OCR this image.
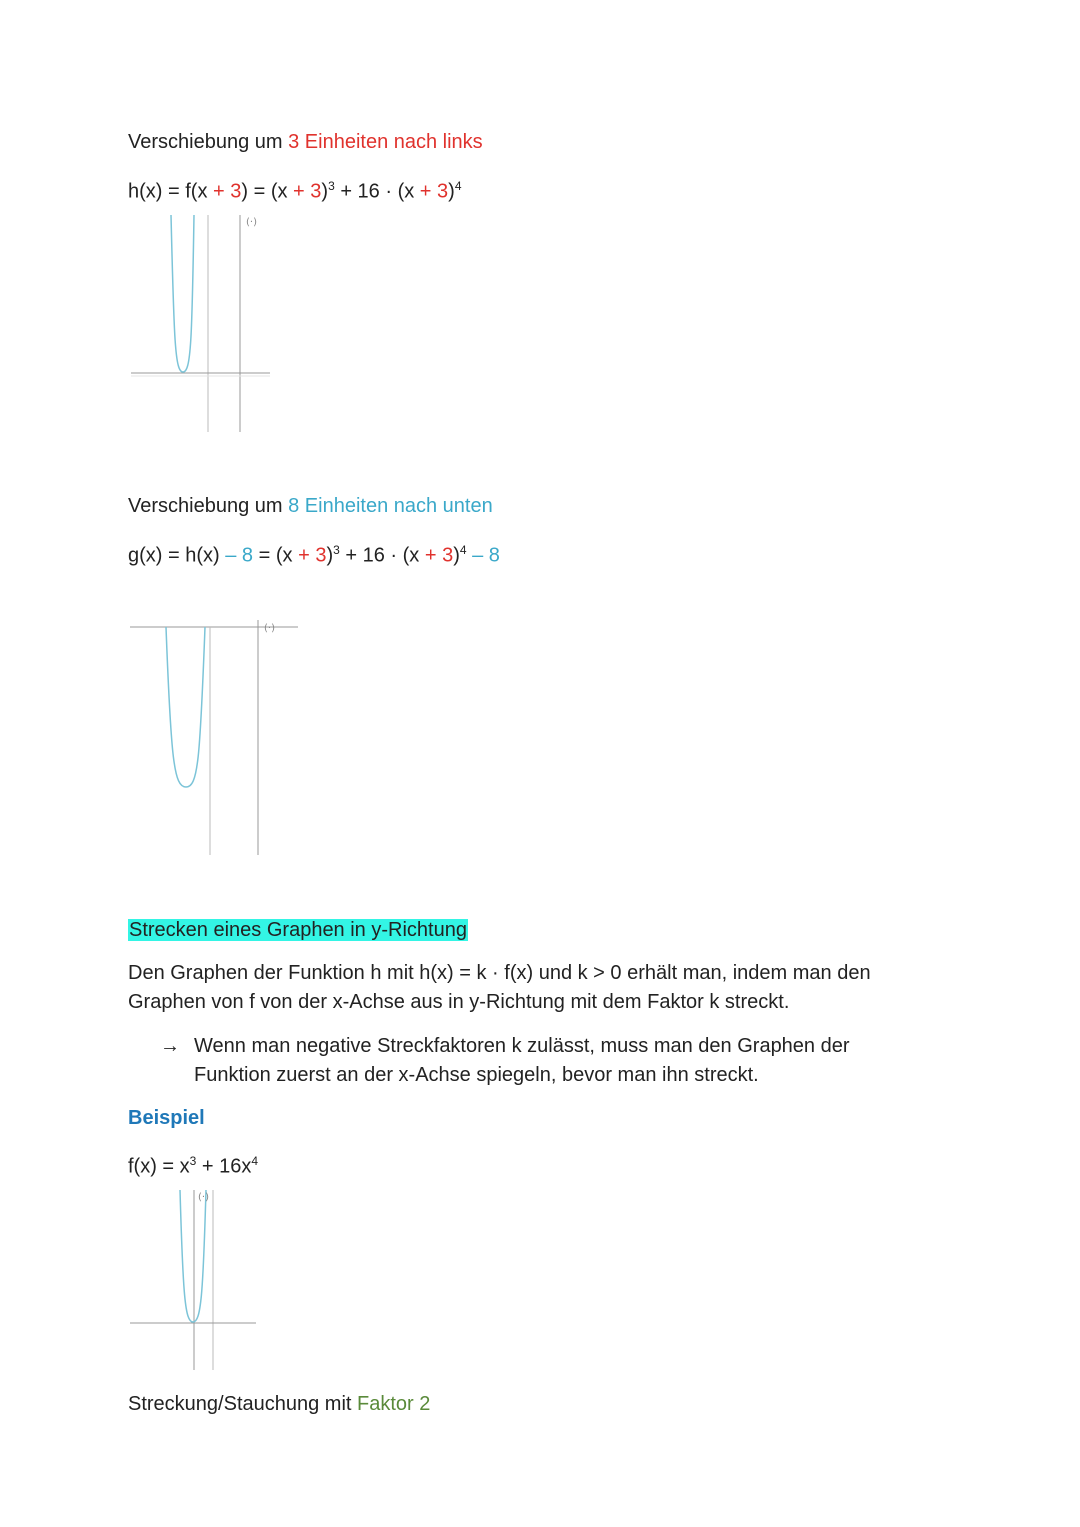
Verschiebung um 3 Einheiten nach links
$h(x) = f(x + 3) = (x + 3)^3 + 16 \cdot (x + 3)^4$
(·)
Verschiebung um 8 Einheiten nach unten
$g(x) = h(x) - 8 = (x + 3)^3 + 16 \cdot (x + 3)^4 - 8$
(·)
Strecken eines Graphen in y-Richtung
Den Graphen der Funktion h mit h(x) = k · f(x) und k > 0 erhält man, indem man den Graphen von f von der x-Achse aus in y-Richtung mit dem Faktor k streckt.
→ Wenn man negative Streckfaktoren k zulässt, muss man den Graphen der Funktion zuerst an der x-Achse spiegeln, bevor man ihn streckt.
Beispiel
$f(x) = x^3 + 16x^4$
(·)
Streckung/Stauchung mit Faktor 2
